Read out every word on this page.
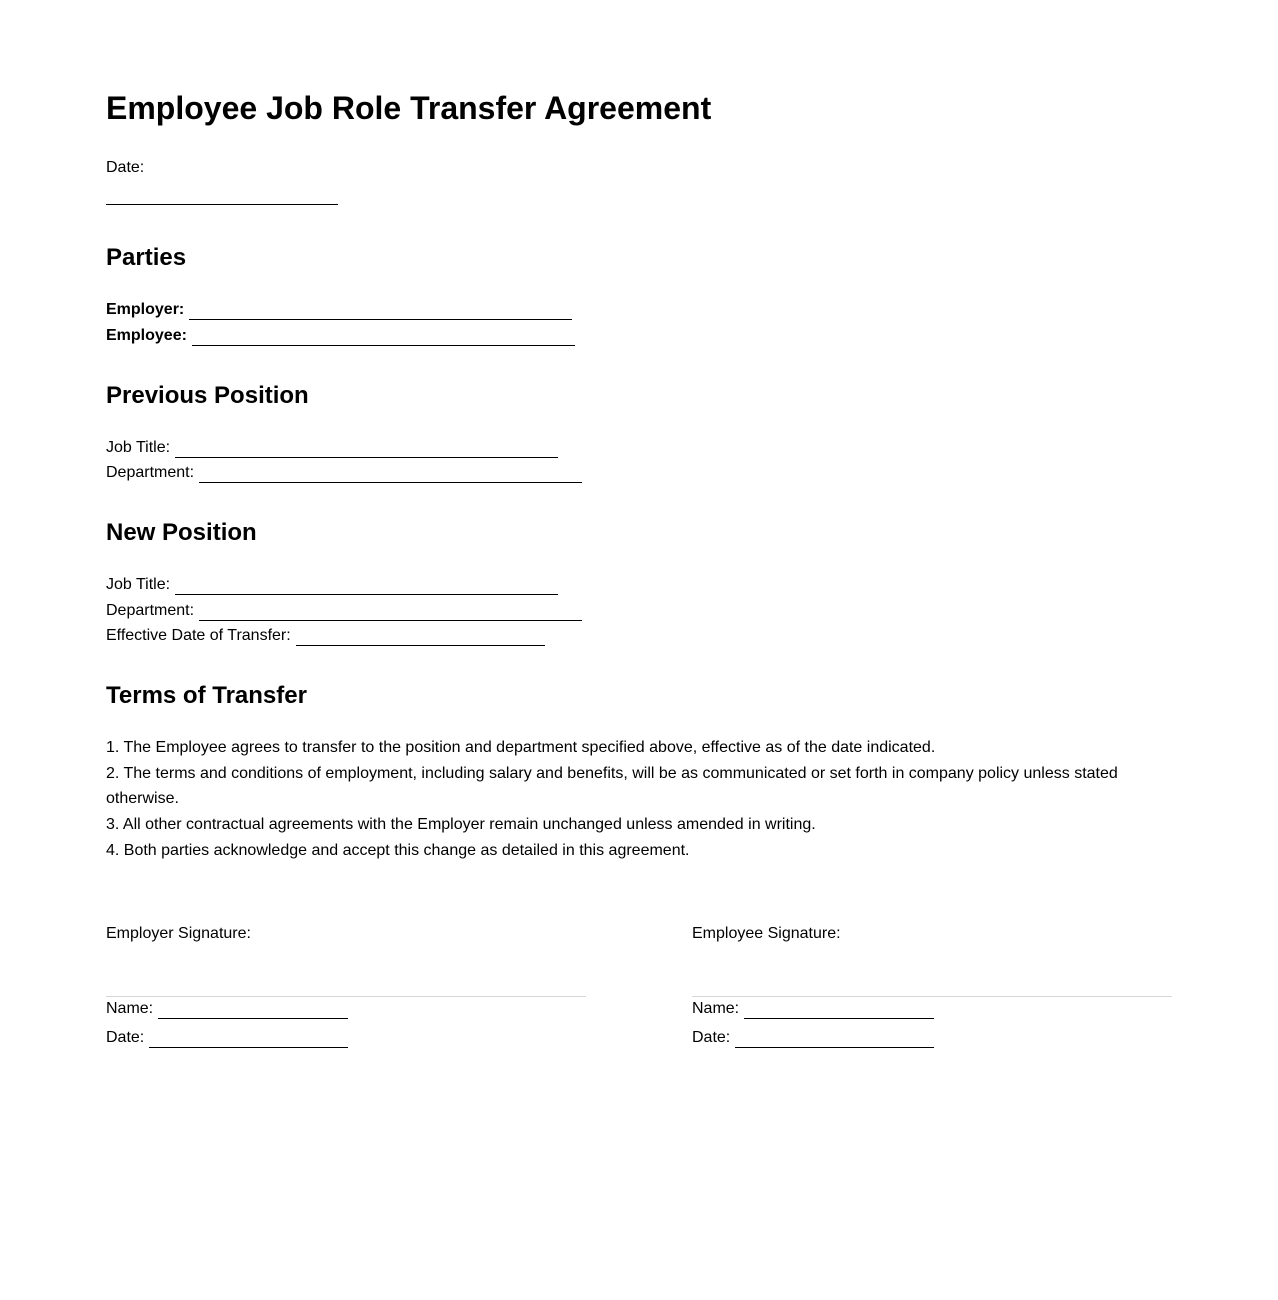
Employee Job Role Transfer Agreement
Date:
Parties
Employer:
Employee:
Previous Position
Job Title:
Department:
New Position
Job Title:
Department:
Effective Date of Transfer:
Terms of Transfer
1. The Employee agrees to transfer to the position and department specified above, effective as of the date indicated.
2. The terms and conditions of employment, including salary and benefits, will be as communicated or set forth in company policy unless stated otherwise.
3. All other contractual agreements with the Employer remain unchanged unless amended in writing.
4. Both parties acknowledge and accept this change as detailed in this agreement.
Employer Signature:
Name:
Date:
Employee Signature:
Name:
Date:
